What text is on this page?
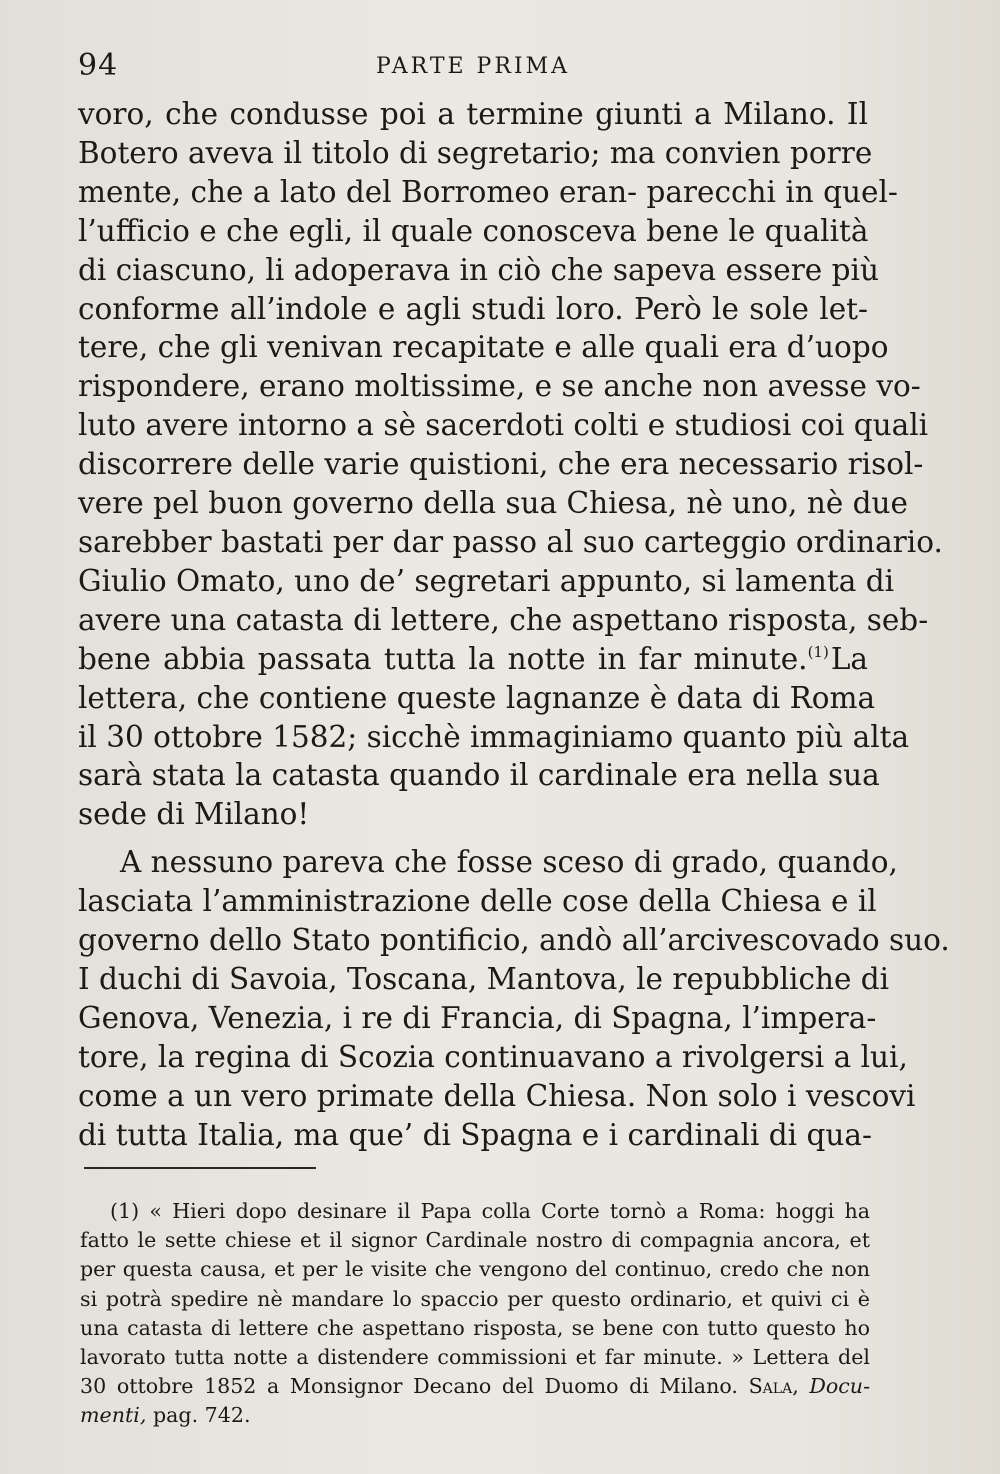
94	PARTE PRIMA
voro, che condusse poi a termine giunti a Milano. Il
Botero aveva il titolo di segretario; ma convien porre
mente, che a lato del Borromeo eran- parecchi in quel-
l’ufficio e che egli, il quale conosceva bene le qualità
di ciascuno, li adoperava in ciò che sapeva essere più
conforme all’indole e agli studi loro. Però le sole let-
tere, che gli venivan recapitate e alle quali era d’uopo
rispondere, erano moltissime, e se anche non avesse vo-
luto avere intorno a sè sacerdoti colti e studiosi coi quali
discorrere delle varie quistioni, che era necessario risol-
vere pel buon governo della sua Chiesa, nè uno, nè due
sarebber bastati per dar passo al suo carteggio ordinario.
Giulio Omato, uno de’ segretari appunto, si lamenta di
avere una catasta di lettere, che aspettano risposta, seb-
bene abbia passata tutta la notte in far minute.$^{(1)}$La
lettera, che contiene queste lagnanze è data di Roma
il 30 ottobre 1582; sicchè immaginiamo quanto più alta
sarà stata la catasta quando il cardinale era nella sua
sede di Milano!
A nessuno pareva che fosse sceso di grado, quando,
lasciata l’amministrazione delle cose della Chiesa e il
governo dello Stato pontificio, andò all’arcivescovado suo.
I duchi di Savoia, Toscana, Mantova, le repubbliche di
Genova, Venezia, i re di Francia, di Spagna, l’impera-
tore, la regina di Scozia continuavano a rivolgersi a lui,
come a un vero primate della Chiesa. Non solo i vescovi
di tutta Italia, ma que’ di Spagna e i cardinali di qua-
(1) « Hieri dopo desinare il Papa colla Corte tornò a Roma: hoggi ha
fatto le sette chiese et il signor Cardinale nostro di compagnia ancora, et
per questa causa, et per le visite che vengono del continuo, credo che non
si potrà spedire nè mandare lo spaccio per questo ordinario, et quivi ci è
una catasta di lettere che aspettano risposta, se bene con tutto questo ho
lavorato tutta notte a distendere commissioni et far minute. » Lettera del
30 ottobre 1852 a Monsignor Decano del Duomo di Milano. Sala, Docu-
menti, pag. 742.
